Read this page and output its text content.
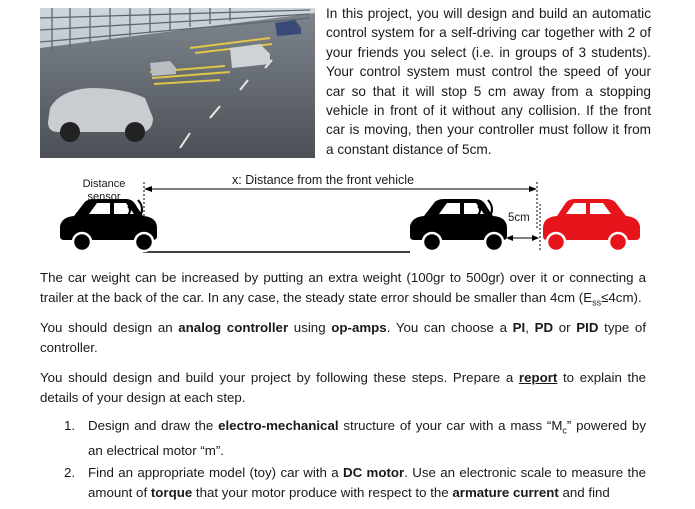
In this project, you will design and build an automatic control system for a self-driving car together with 2 of your friends you select (i.e. in groups of 3 students). Your control system must control the speed of your car so that it will stop 5 cm away from a stopping vehicle in front of it without any collision. If the front car is moving, then your controller must follow it from a constant distance of 5cm.

Distance
sensor
x: Distance from the front vehicle
5cm

The car weight can be increased by putting an extra weight (100gr to 500gr) over it or connecting a trailer at the back of the car. In any case, the steady state error should be smaller than 4cm $(E_{ss}\le 4cm)$.

You should design an analog controller using op-amps. You can choose a PI, PD or PID type of controller.

You should design and build your project by following these steps. Prepare a report to explain the details of your design at each step.

1. Design and draw the electro-mechanical structure of your car with a mass “$M_c$” powered by an electrical motor “m”.
2. Find an appropriate model (toy) car with a DC motor. Use an electronic scale to measure the amount of torque that your motor produce with respect to the armature current and find
